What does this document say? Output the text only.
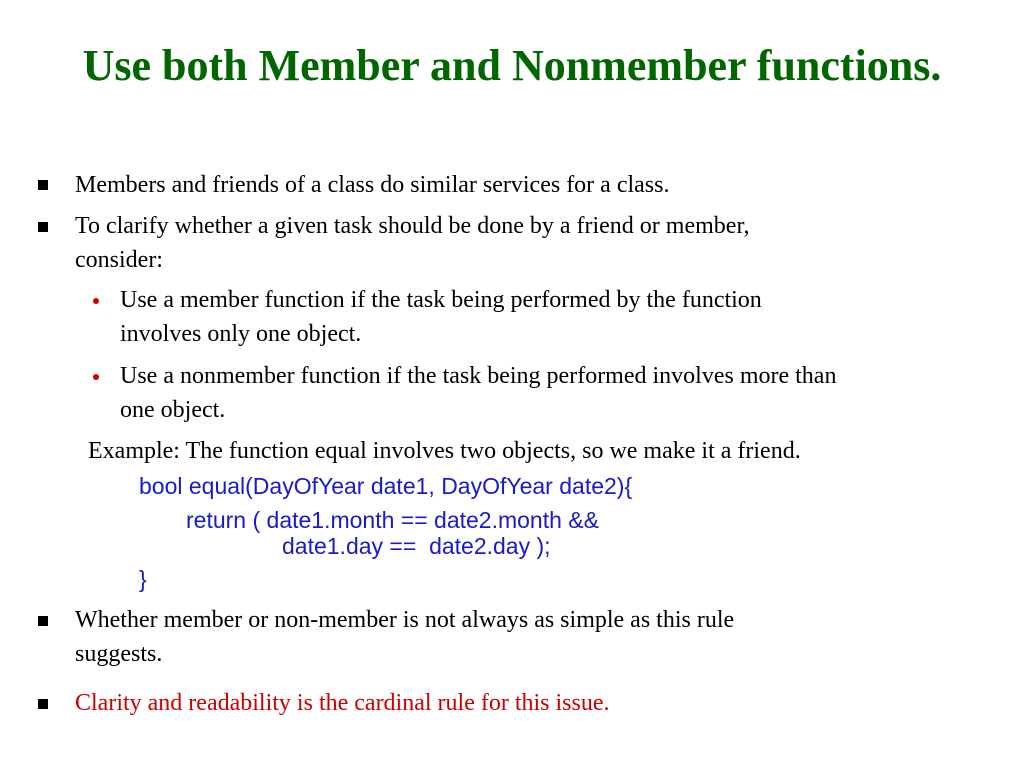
Use both Member and Nonmember functions.

Members and friends of a class do similar services for a class.

To clarify whether a given task should be done by a friend or member,

consider:

Use a member function if the task being performed by the function

involves only one object.

Use a nonmember function if the task being performed involves more than

one object.

Example: The function equal involves two objects, so we make it a friend.

bool equal(DayOfYear date1, DayOfYear date2){

return ( date1.month == date2.month &&

date1.day ==  date2.day );

}

Whether member or non-member is not always as simple as this rule

suggests.

Clarity and readability is the cardinal rule for this issue.
